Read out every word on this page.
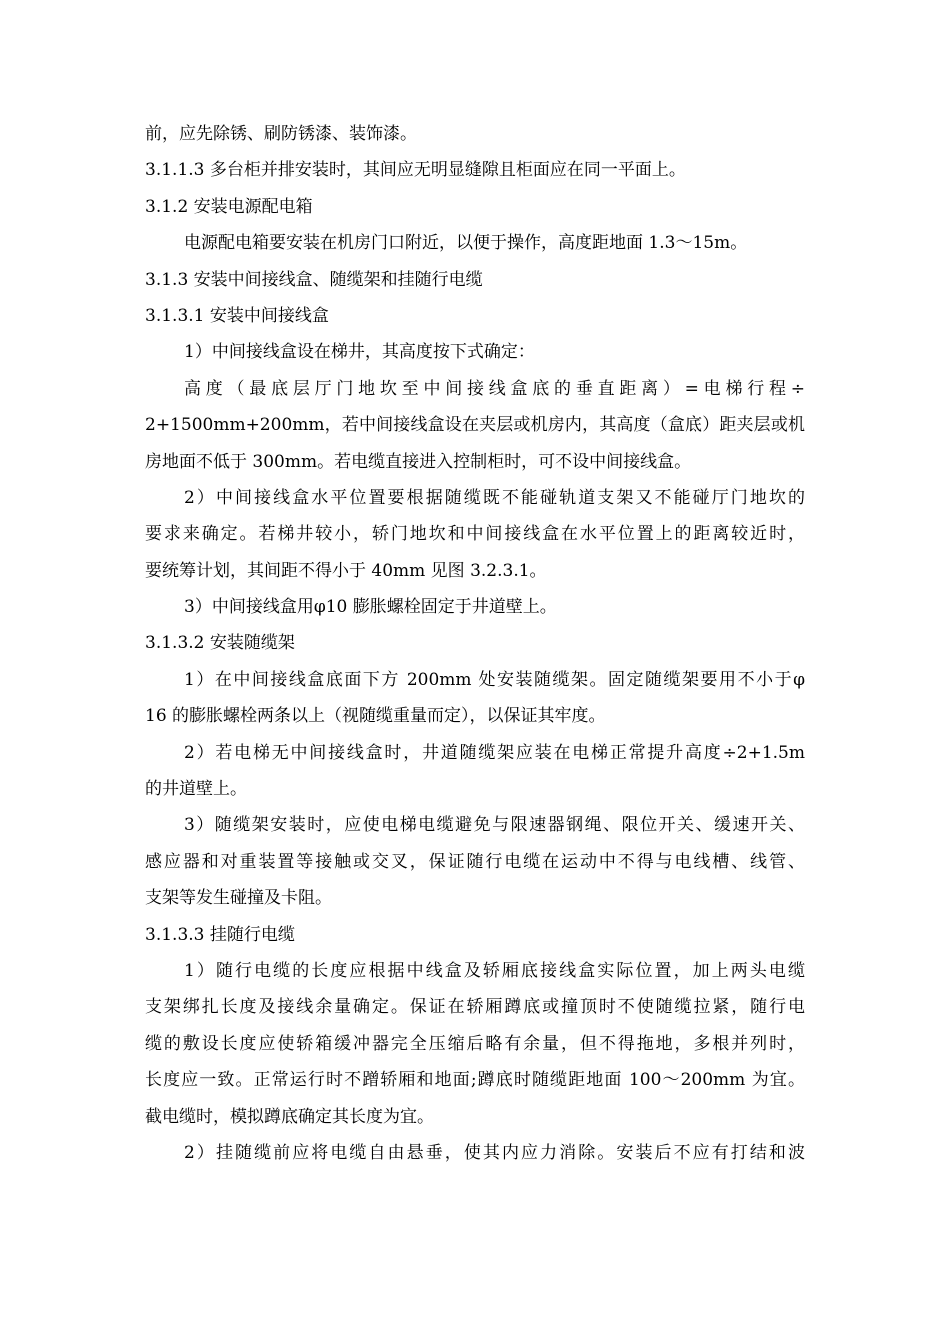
前，应先除锈、刷防锈漆、装饰漆。
3.1.1.3 多台柜并排安装时，其间应无明显缝隙且柜面应在同一平面上。
3.1.2 安装电源配电箱
电源配电箱要安装在机房门口附近，以便于操作，高度距地面 1.3～15m。
3.1.3 安装中间接线盒、随缆架和挂随行电缆
3.1.3.1 安装中间接线盒
1）中间接线盒设在梯井，其高度按下式确定：
高度（最底层厅门地坎至中间接线盒底的垂直距离）=电梯行程÷
2+1500mm+200mm，若中间接线盒设在夹层或机房内，其高度（盒底）距夹层或机
房地面不低于 300mm。若电缆直接进入控制柜时，可不设中间接线盒。
2）中间接线盒水平位置要根据随缆既不能碰轨道支架又不能碰厅门地坎的
要求来确定。若梯井较小，轿门地坎和中间接线盒在水平位置上的距离较近时，
要统筹计划，其间距不得小于 40mm 见图 3.2.3.1。
3）中间接线盒用φ10 膨胀螺栓固定于井道壁上。
3.1.3.2 安装随缆架
1）在中间接线盒底面下方 200mm 处安装随缆架。固定随缆架要用不小于φ
16 的膨胀螺栓两条以上（视随缆重量而定），以保证其牢度。
2）若电梯无中间接线盒时，井道随缆架应装在电梯正常提升高度÷2+1.5m
的井道壁上。
3）随缆架安装时，应使电梯电缆避免与限速器钢绳、限位开关、缓速开关、
感应器和对重装置等接触或交叉，保证随行电缆在运动中不得与电线槽、线管、
支架等发生碰撞及卡阻。
3.1.3.3 挂随行电缆
1）随行电缆的长度应根据中线盒及轿厢底接线盒实际位置，加上两头电缆
支架绑扎长度及接线余量确定。保证在轿厢蹲底或撞顶时不使随缆拉紧，随行电
缆的敷设长度应使轿箱缓冲器完全压缩后略有余量，但不得拖地，多根并列时，
长度应一致。正常运行时不蹭轿厢和地面;蹲底时随缆距地面 100～200mm 为宜。
截电缆时，模拟蹲底确定其长度为宜。
2）挂随缆前应将电缆自由悬垂，使其内应力消除。安装后不应有打结和波
